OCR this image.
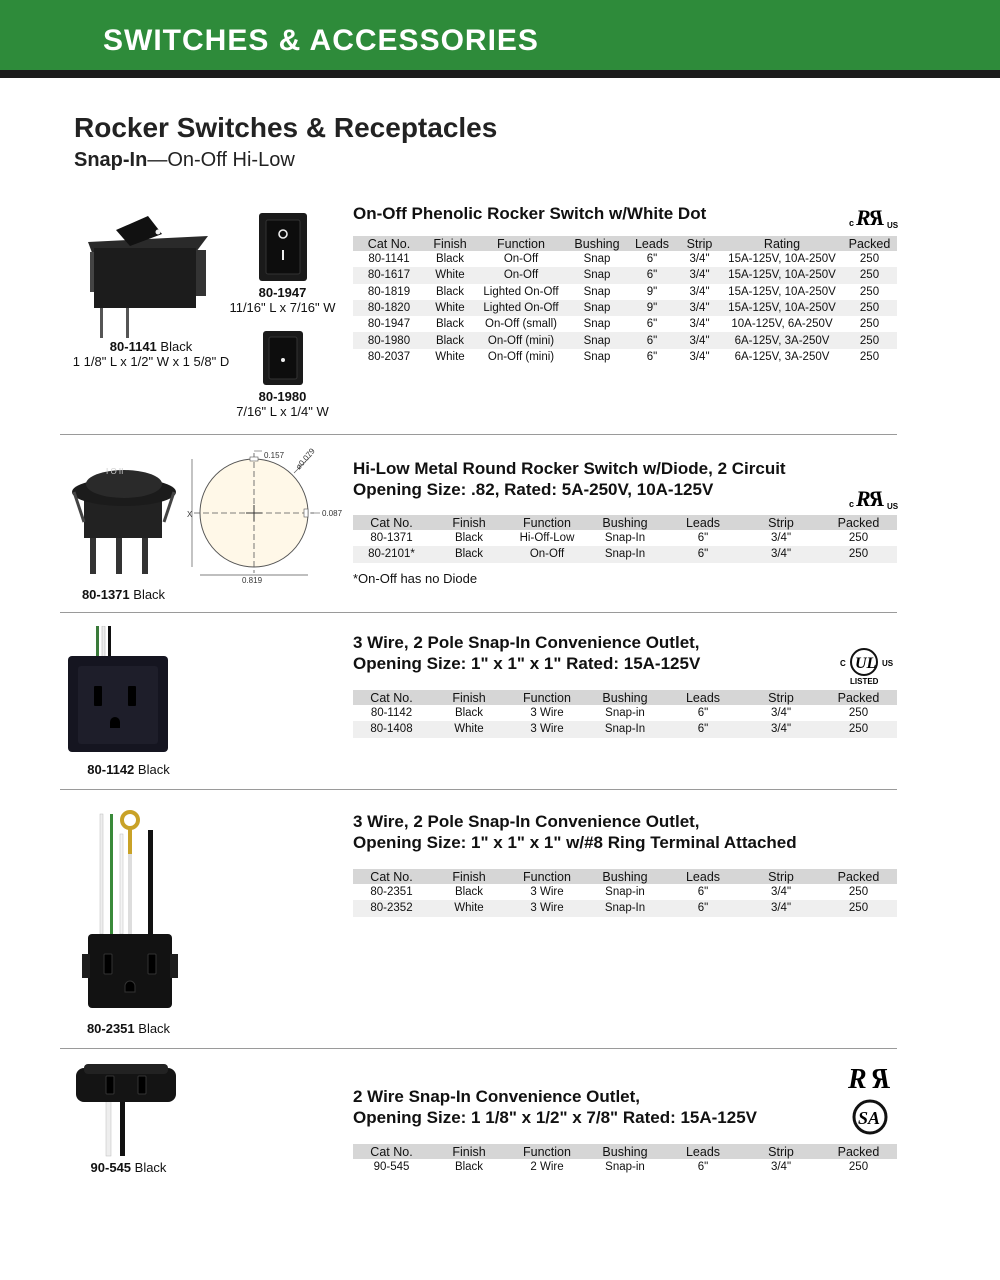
SWITCHES & ACCESSORIES
Rocker Switches & Receptacles
Snap-In—On-Off Hi-Low
On-Off Phenolic Rocker Switch w/White Dot	c R
R US
Cat No.	Finish	Function	Bushing	Leads	Strip	Rating	Packed
80-1141	Black	On-Off	Snap	6"	3/4"	15A-125V, 10A-250V	250
80-1617	White	On-Off	Snap	6"	3/4"	15A-125V, 10A-250V	250
80-1819	Black	Lighted On-Off	Snap	9"	3/4"	15A-125V, 10A-250V	250
80-1820	White	Lighted On-Off	Snap	9"	3/4"	15A-125V, 10A-250V	250
80-1947	Black	On-Off (small)	Snap	6"	3/4"	10A-125V, 6A-250V	250
80-1980	Black	On-Off (mini)	Snap	6"	3/4"	6A-125V, 3A-250V	250
80-2037	White	On-Off (mini)	Snap	6"	3/4"	6A-125V, 3A-250V	250
80-1141 Black
1 1/8" L x 1/2" W x 1 5/8" D
80-1947
11/16" L x 7/16" W
80-1980
7/16" L x 1/4" W
Hi-Low Metal Round Rocker Switch w/Diode, 2 Circuit
Opening Size: .82, Rated: 5A-250V, 10A-125V
c R
R US
Cat No.	Finish	Function	Bushing	Leads	Strip	Packed
80-1371	Black	Hi-Off-Low	Snap-In	6"	3/4"	250
80-2101*	Black	On-Off	Snap-In	6"	3/4"	250
*On-Off has no Diode
I O II
80-1371 Black
0.157 ø0.079
0.087
0.819
X
3 Wire, 2 Pole Snap-In Convenience Outlet,
Opening Size: 1" x 1" x 1" Rated: 15A-125V	C UL US
LISTED
Cat No.	Finish	Function	Bushing	Leads	Strip	Packed
80-1142	Black	3 Wire	Snap-in	6"	3/4"	250
80-1408	White	3 Wire	Snap-In	6"	3/4"	250
80-1142 Black
3 Wire, 2 Pole Snap-In Convenience Outlet,
Opening Size: 1" x 1" x 1" w/#8 Ring Terminal Attached
Cat No.	Finish	Function	Bushing	Leads	Strip	Packed
80-2351	Black	3 Wire	Snap-in	6"	3/4"	250
80-2352	White	3 Wire	Snap-In	6"	3/4"	250
80-2351 Black
2 Wire Snap-In Convenience Outlet,
Opening Size: 1 1/8" x 1/2" x 7/8" Rated: 15A-125V
R R
SA
Cat No.	Finish	Function	Bushing	Leads	Strip	Packed
90-545	Black	2 Wire	Snap-in	6"	3/4"	250
90-545 Black
